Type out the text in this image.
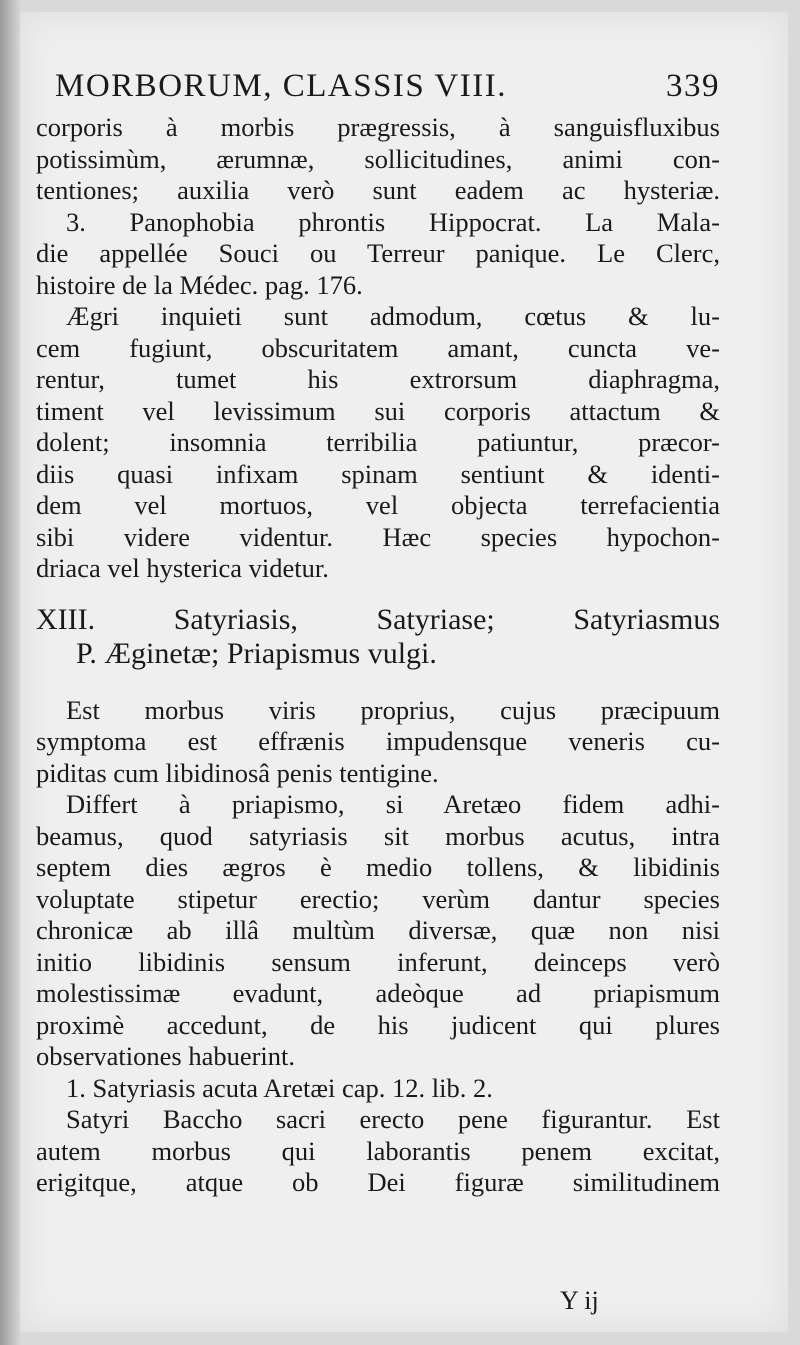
MORBORUM, CLASSIS VIII.	339
corporis à morbis prægressis, à sanguisfluxibus
potissimùm, ærumnæ, sollicitudines, animi con-
tentiones; auxilia verò sunt eadem ac hysteriæ.
3. Panophobia phrontis Hippocrat. La Mala-
die appellée Souci ou Terreur panique. Le Clerc,
histoire de la Médec. pag. 176.
Ægri inquieti sunt admodum, cœtus & lu-
cem fugiunt, obscuritatem amant, cuncta ve-
rentur, tumet his extrorsum diaphragma,
timent vel levissimum sui corporis attactum &
dolent; insomnia terribilia patiuntur, præcor-
diis quasi infixam spinam sentiunt & identi-
dem vel mortuos, vel objecta terrefacientia
sibi videre videntur. Hæc species hypochon-
driaca vel hysterica videtur.
XIII. Satyriasis, Satyriase; Satyriasmus
P. Æginetæ; Priapismus vulgi.
Est morbus viris proprius, cujus præcipuum
symptoma est effrænis impudensque veneris cu-
piditas cum libidinosâ penis tentigine.
Differt à priapismo, si Aretæo fidem adhi-
beamus, quod satyriasis sit morbus acutus, intra
septem dies ægros è medio tollens, & libidinis
voluptate stipetur erectio; verùm dantur species
chronicæ ab illâ multùm diversæ, quæ non nisi
initio libidinis sensum inferunt, deinceps verò
molestissimæ evadunt, adeòque ad priapismum
proximè accedunt, de his judicent qui plures
observationes habuerint.
1. Satyriasis acuta Aretæi cap. 12. lib. 2.
Satyri Baccho sacri erecto pene figurantur. Est
autem morbus qui laborantis penem excitat,
erigitque, atque ob Dei figuræ similitudinem
Y ij
